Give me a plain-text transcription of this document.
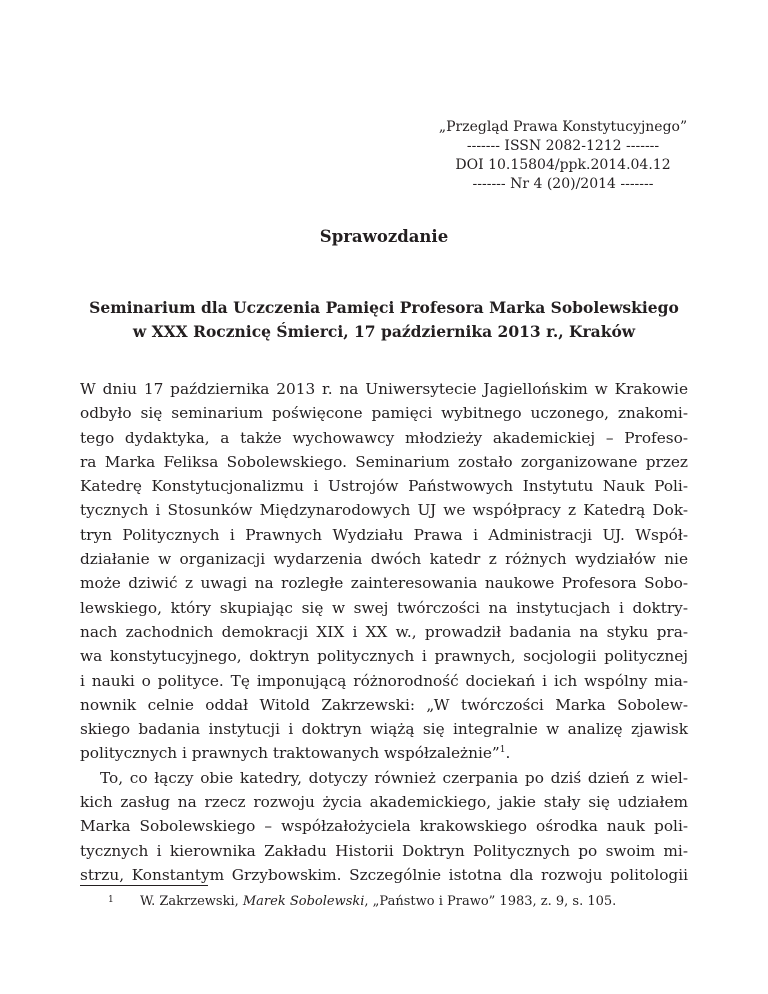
„Przegląd Prawa Konstytucyjnego”
------- ISSN 2082-1212 -------
DOI 10.15804/ppk.2014.04.12
------- Nr 4 (20)/2014 -------
Sprawozdanie
Seminarium dla Uczczenia Pamięci Profesora Marka Sobolewskiego
w XXX Rocznicę Śmierci, 17 października 2013 r., Kraków
W dniu 17 października 2013 r. na Uniwersytecie Jagiellońskim w Krakowie
odbyło się seminarium poświęcone pamięci wybitnego uczonego, znakomi-
tego dydaktyka, a także wychowawcy młodzieży akademickiej – Profeso-
ra Marka Feliksa Sobolewskiego. Seminarium zostało zorganizowane przez
Katedrę Konstytucjonalizmu i Ustrojów Państwowych Instytutu Nauk Poli-
tycznych i Stosunków Międzynarodowych UJ we współpracy z Katedrą Dok-
tryn Politycznych i Prawnych Wydziału Prawa i Administracji UJ. Współ-
działanie w organizacji wydarzenia dwóch katedr z różnych wydziałów nie
może dziwić z uwagi na rozległe zainteresowania naukowe Profesora Sobo-
lewskiego, który skupiając się w swej twórczości na instytucjach i doktry-
nach zachodnich demokracji XIX i XX w., prowadził badania na styku pra-
wa konstytucyjnego, doktryn politycznych i prawnych, socjologii politycznej
i nauki o polityce. Tę imponującą różnorodność dociekań i ich wspólny mia-
nownik celnie oddał Witold Zakrzewski: „W twórczości Marka Sobolew-
skiego badania instytucji i doktryn wiążą się integralnie w analizę zjawisk
politycznych i prawnych traktowanych współzależnie”$^1$.
To, co łączy obie katedry, dotyczy również czerpania po dziś dzień z wiel-
kich zasług na rzecz rozwoju życia akademickiego, jakie stały się udziałem
Marka Sobolewskiego – współzałożyciela krakowskiego ośrodka nauk poli-
tycznych i kierownika Zakładu Historii Doktryn Politycznych po swoim mi-
strzu, Konstantym Grzybowskim. Szczególnie istotna dla rozwoju politologii
1 W. Zakrzewski, Marek Sobolewski, „Państwo i Prawo” 1983, z. 9, s. 105.
